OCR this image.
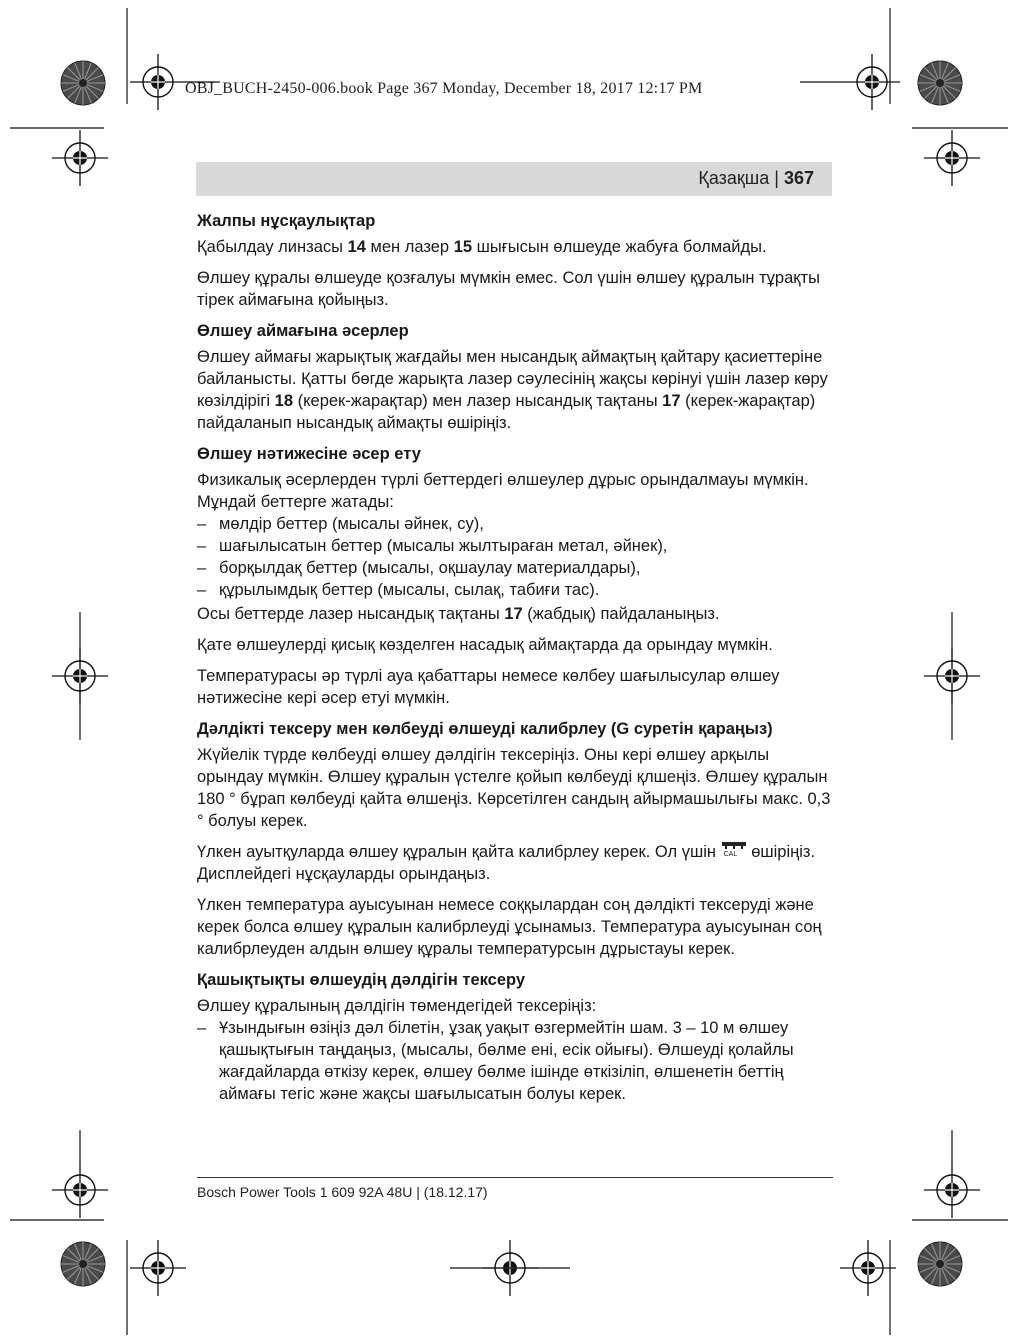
OBJ_BUCH-2450-006.book Page 367 Monday, December 18, 2017 12:17 PM
Қазақша | 367
Жалпы нұсқаулықтар

Қабылдау линзасы 14 мен лазер 15 шығысын өлшеуде жабуға болмайды.

Өлшеу құралы өлшеуде қозғалуы мүмкін емес. Сол үшін өлшеу құралын тұрақты тірек аймағына қойыңыз.

Өлшеу аймағына әсерлер

Өлшеу аймағы жарықтық жағдайы мен нысандық аймақтың қайтару қасиеттеріне байланысты. Қатты бөгде жарықта лазер сәулесінің жақсы көрінуі үшін лазер көру көзілдірігі 18 (керек-жарақтар) мен лазер нысандық тақтаны 17 (керек-жарақтар) пайдаланып нысандық аймақты өшіріңіз.

Өлшеу нәтижесіне әсер ету

Физикалық әсерлерден түрлі беттердегі өлшеулер дұрыс орындалмауы мүмкін. Мұндай беттерге жатады:

– мөлдір беттер (мысалы әйнек, су),
– шағылысатын беттер (мысалы жылтыраған метал, әйнек),
– борқылдақ беттер (мысалы, оқшаулау материалдары),
– құрылымдық беттер (мысалы, сылақ, табиғи тас).

Осы беттерде лазер нысандық тақтаны 17 (жабдық) пайдаланыңыз.

Қате өлшеулерді қисық көзделген насадық аймақтарда да орындау мүмкін.

Температурасы әр түрлі ауа қабаттары немесе көлбеу шағылысулар өлшеу нәтижесіне кері әсер етуі мүмкін.

Дәлдікті тексеру мен көлбеуді өлшеуді калибрлеу (G суретін қараңыз)

Жүйелік түрде көлбеуді өлшеу дәлдігін тексеріңіз. Оны кері өлшеу арқылы орындау мүмкін. Өлшеу құралын үстелге қойып көлбеуді қлшеңіз. Өлшеу құралын 180 ° бұрап көлбеуді қайта өлшеңіз. Көрсетілген сандың айырмашылығы макс. 0,3 ° болуы керек.

Үлкен ауытқуларда өлшеу құралын қайта калибрлеу керек. Ол үшін CAL өшіріңіз. Дисплейдегі нұсқауларды орындаңыз.

Үлкен температура ауысуынан немесе соққылардан соң дәлдікті тексеруді және керек болса өлшеу құралын калибрлеуді ұсынамыз. Температура ауысуынан соң калибрлеуден алдын өлшеу құралы температурсын дұрыстауы керек.

Қашықтықты өлшеудің дәлдігін тексеру

Өлшеу құралының дәлдігін төмендегідей тексеріңіз:

– Ұзындығын өзіңіз дәл білетін, ұзақ уақыт өзгермейтін шам. 3 – 10 м өлшеу қашықтығын таңдаңыз, (мысалы, бөлме ені, есік ойығы). Өлшеуді қолайлы жағдайларда өткізу керек, өлшеу бөлме ішінде өткізіліп, өлшенетін беттің аймағы тегіс және жақсы шағылысатын болуы керек.
Bosch Power Tools 1 609 92A 48U | (18.12.17)
